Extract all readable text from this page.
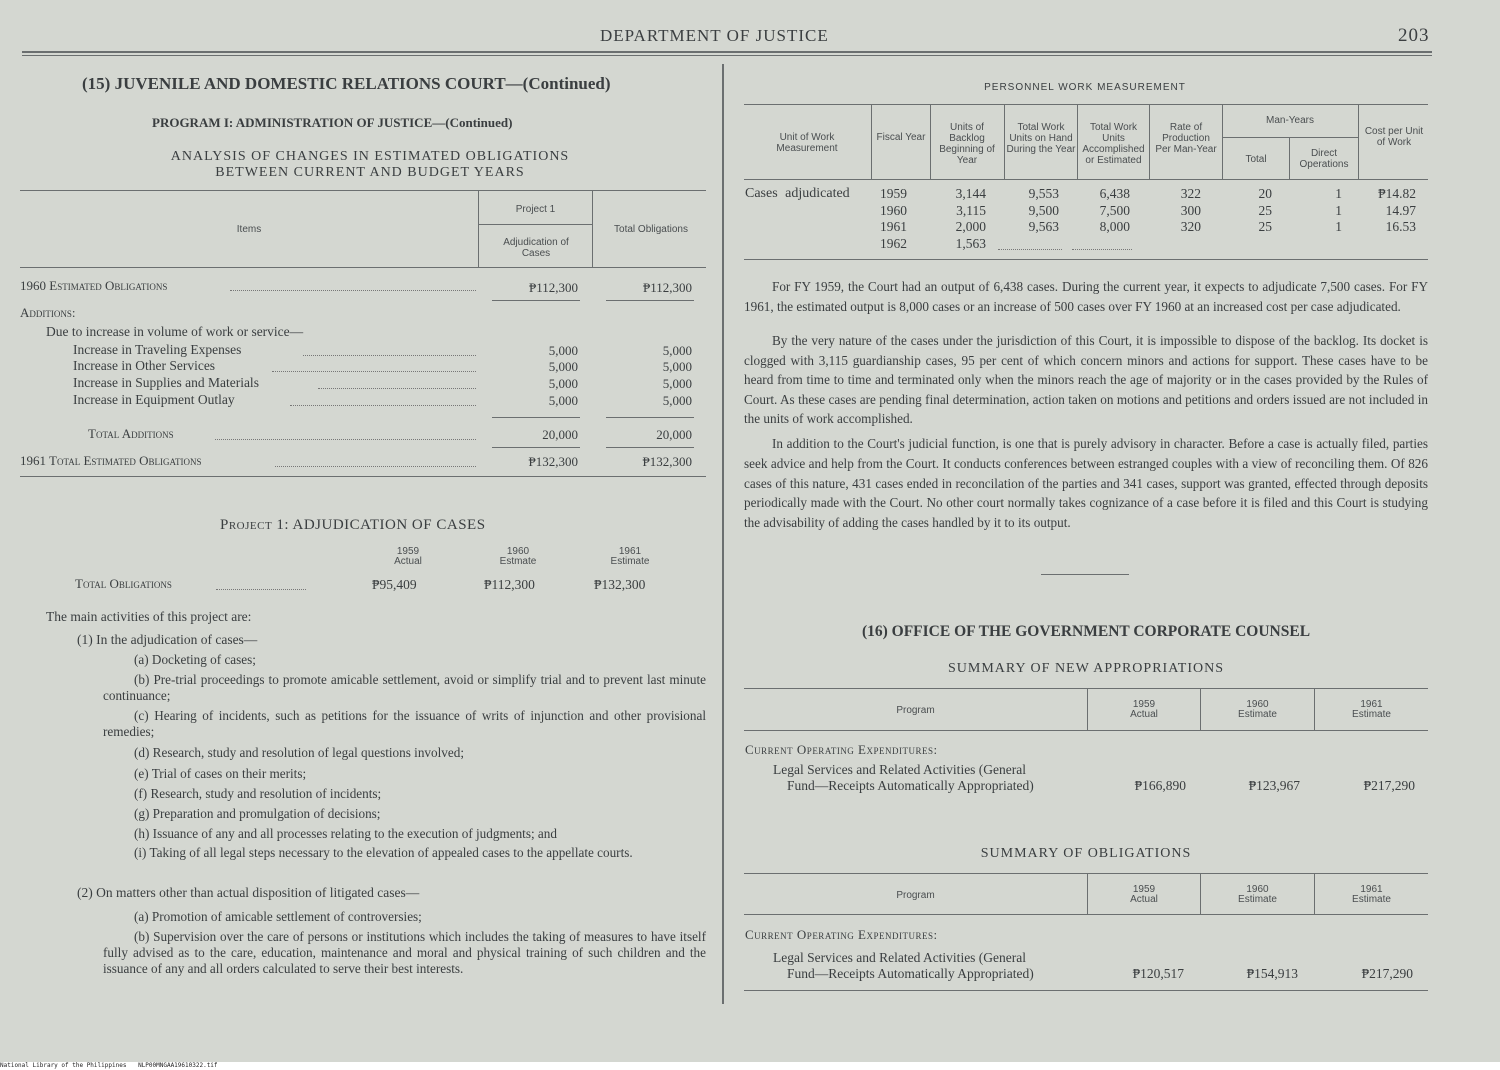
DEPARTMENT OF JUSTICE	203
(15) JUVENILE AND DOMESTIC RELATIONS COURT—(Continued)
PROGRAM I: ADMINISTRATION OF JUSTICE—(Continued)
ANALYSIS OF CHANGES IN ESTIMATED OBLIGATIONS
BETWEEN CURRENT AND BUDGET YEARS
Items
Project 1
Adjudication of Cases
Total Obligations
1960 Estimated Obligations	₱112,300	₱112,300
Additions:
Due to increase in volume of work or service—
Increase in Traveling Expenses	5,000	5,000
Increase in Other Services	5,000	5,000
Increase in Supplies and Materials	5,000	5,000
Increase in Equipment Outlay	5,000	5,000
Total Additions	20,000	20,000
1961 Total Estimated Obligations	₱132,300	₱132,300
Project 1: ADJUDICATION OF CASES
1959
Actual
1960
Estmate
1961
Estimate
Total Obligations	₱95,409	₱112,300	₱132,300
The main activities of this project are:
(1) In the adjudication of cases—
(a) Docketing of cases;
(b) Pre-trial proceedings to promote amicable settlement, avoid or simplify trial and to prevent last minute continuance;
(c) Hearing of incidents, such as petitions for the issuance of writs of injunction and other provisional remedies;
(d) Research, study and resolution of legal questions involved;
(e) Trial of cases on their merits;
(f) Research, study and resolution of incidents;
(g) Preparation and promulgation of decisions;
(h) Issuance of any and all processes relating to the execution of judgments; and
(i) Taking of all legal steps necessary to the elevation of appealed cases to the appellate courts.
(2) On matters other than actual disposition of litigated cases—
(a) Promotion of amicable settlement of controversies;
(b) Supervision over the care of persons or institutions which includes the taking of measures to have itself fully advised as to the care, education, maintenance and moral and physical training of such children and the issuance of any and all orders calculated to serve their best interests.
PERSONNEL WORK MEASUREMENT
Unit of Work Measurement
Fiscal Year
Units of Backlog Beginning of Year
Total Work Units on Hand During the Year
Total Work Units Accomplished or Estimated
Rate of Production Per Man-Year
Man-Years
Total
Direct Operations
Cost per Unit of Work
Cases adjudicated 1959	3,144	9,553	6,438	322	20	1	₱14.82
1960	3,115	9,500	7,500	300	25	1	14.97
1961	2,000	9,563	8,000	320	25	1	16.53
1962	1,563

For FY 1959, the Court had an output of 6,438 cases. During the current year, it expects to adjudicate 7,500 cases. For FY 1961, the estimated output is 8,000 cases or an increase of 500 cases over FY 1960 at an increased cost per case adjudicated.

By the very nature of the cases under the jurisdiction of this Court, it is impossible to dispose of the backlog. Its docket is clogged with 3,115 guardianship cases, 95 per cent of which concern minors and actions for support. These cases have to be heard from time to time and terminated only when the minors reach the age of majority or in the cases provided by the Rules of Court. As these cases are pending final determination, action taken on motions and petitions and orders issued are not included in the units of work accomplished.

In addition to the Court's judicial function, is one that is purely advisory in character. Before a case is actually filed, parties seek advice and help from the Court. It conducts conferences between estranged couples with a view of reconciling them. Of 826 cases of this nature, 431 cases ended in reconcilation of the parties and 341 cases, support was granted, effected through deposits periodically made with the Court. No other court normally takes cognizance of a case before it is filed and this Court is studying the advisability of adding the cases handled by it to its output.

(16) OFFICE OF THE GOVERNMENT CORPORATE COUNSEL
SUMMARY OF NEW APPROPRIATIONS
Program
1959
Actual
1960
Estimate
1961
Estimate
Current Operating Expenditures:
Legal Services and Related Activities (General
Fund—Receipts Automatically Appropriated)	₱166,890	₱123,967	₱217,290
SUMMARY OF OBLIGATIONS
Program
1959
Actual
1960
Estimate
1961
Estimate
Current Operating Expenditures:
Legal Services and Related Activities (General
Fund—Receipts Automatically Appropriated)	₱120,517	₱154,913	₱217,290
National Library of the Philippines NLP00MNGAA19610322.tif
